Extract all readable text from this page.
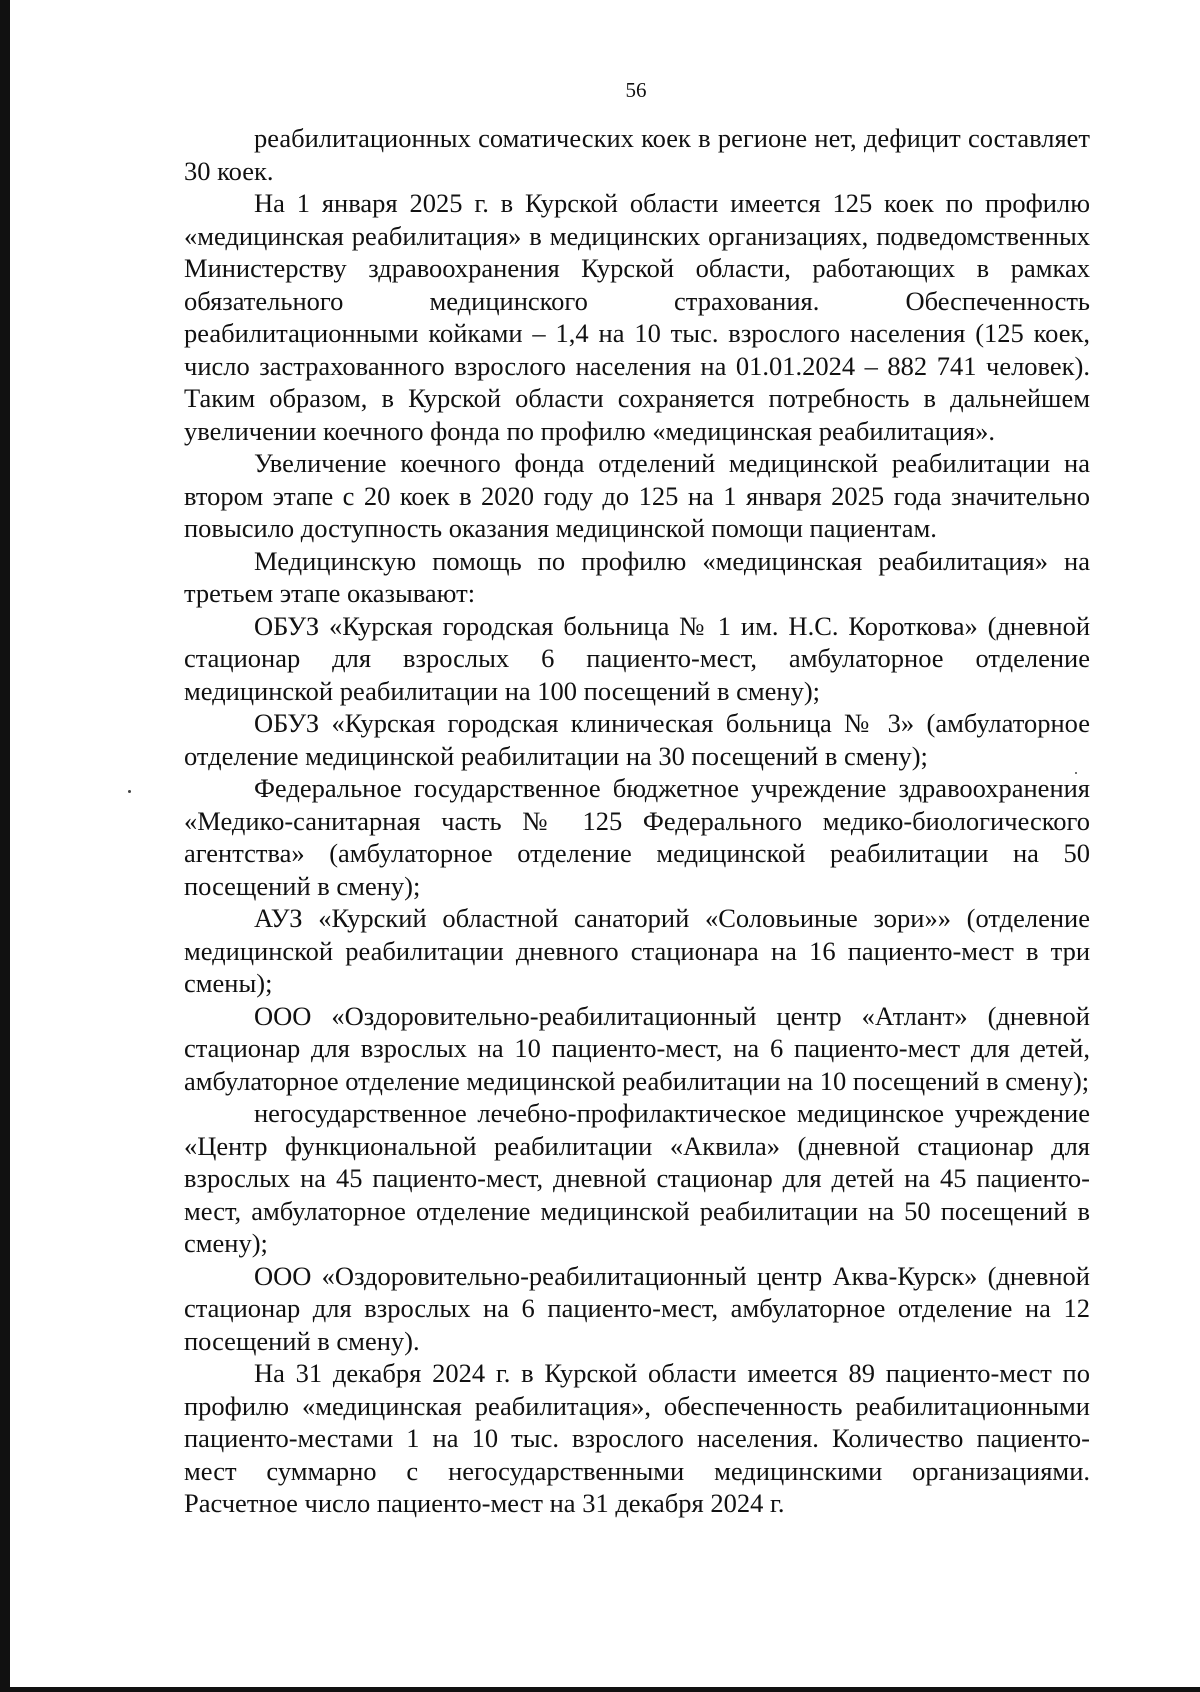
56

реабилитационных соматических коек в регионе нет, дефицит составляет 30 коек.

На 1 января 2025 г. в Курской области имеется 125 коек по профилю «медицинская реабилитация» в медицинских организациях, подведомственных Министерству здравоохранения Курской области, работающих в рамках обязательного медицинского страхования. Обеспеченность реабилитационными койками – 1,4 на 10 тыс. взрослого населения (125 коек, число застрахованного взрослого населения на 01.01.2024 – 882 741 человек). Таким образом, в Курской области сохраняется потребность в дальнейшем увеличении коечного фонда по профилю «медицинская реабилитация».

Увеличение коечного фонда отделений медицинской реабилитации на втором этапе с 20 коек в 2020 году до 125 на 1 января 2025 года значительно повысило доступность оказания медицинской помощи пациентам.

Медицинскую помощь по профилю «медицинская реабилитация» на третьем этапе оказывают:

ОБУЗ «Курская городская больница № 1 им. Н.С. Короткова» (дневной стационар для взрослых 6 пациенто-мест, амбулаторное отделение медицинской реабилитации на 100 посещений в смену);

ОБУЗ «Курская городская клиническая больница № 3» (амбулаторное отделение медицинской реабилитации на 30 посещений в смену);

Федеральное государственное бюджетное учреждение здравоохранения «Медико-санитарная часть № 125 Федерального медико-биологического агентства» (амбулаторное отделение медицинской реабилитации на 50 посещений в смену);

АУЗ «Курский областной санаторий «Соловьиные зори»» (отделение медицинской реабилитации дневного стационара на 16 пациенто-мест в три смены);

ООО «Оздоровительно-реабилитационный центр «Атлант» (дневной стационар для взрослых на 10 пациенто-мест, на 6 пациенто-мест для детей, амбулаторное отделение медицинской реабилитации на 10 посещений в смену);

негосударственное лечебно-профилактическое медицинское учреждение «Центр функциональной реабилитации «Аквила» (дневной стационар для взрослых на 45 пациенто-мест, дневной стационар для детей на 45 пациенто-мест, амбулаторное отделение медицинской реабилитации на 50 посещений в смену);

ООО «Оздоровительно-реабилитационный центр Аква-Курск» (дневной стационар для взрослых на 6 пациенто-мест, амбулаторное отделение на 12 посещений в смену).

На 31 декабря 2024 г. в Курской области имеется 89 пациенто-мест по профилю «медицинская реабилитация», обеспеченность реабилитационными пациенто-местами 1 на 10 тыс. взрослого населения. Количество пациенто-мест суммарно с негосударственными медицинскими организациями. Расчетное число пациенто-мест на 31 декабря 2024 г.
